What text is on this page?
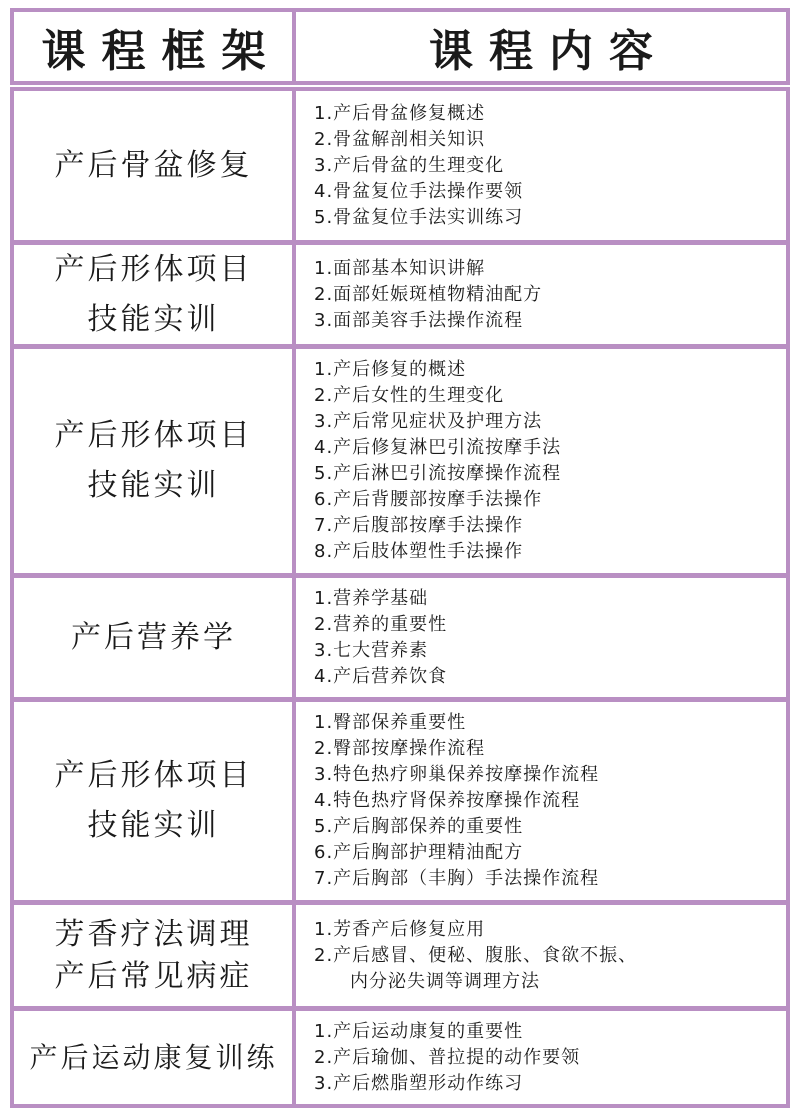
课程框架	课程内容
产后骨盆修复
1.产后骨盆修复概述
2.骨盆解剖相关知识
3.产后骨盆的生理变化
4.骨盆复位手法操作要领
5.骨盆复位手法实训练习
产后形体项目
技能实训
1.面部基本知识讲解
2.面部妊娠斑植物精油配方
3.面部美容手法操作流程
产后形体项目
技能实训
1.产后修复的概述
2.产后女性的生理变化
3.产后常见症状及护理方法
4.产后修复淋巴引流按摩手法
5.产后淋巴引流按摩操作流程
6.产后背腰部按摩手法操作
7.产后腹部按摩手法操作
8.产后肢体塑性手法操作
产后营养学
1.营养学基础
2.营养的重要性
3.七大营养素
4.产后营养饮食
产后形体项目
技能实训
1.臀部保养重要性
2.臀部按摩操作流程
3.特色热疗卵巢保养按摩操作流程
4.特色热疗肾保养按摩操作流程
5.产后胸部保养的重要性
6.产后胸部护理精油配方
7.产后胸部（丰胸）手法操作流程
芳香疗法调理
产后常见病症
1.芳香产后修复应用
2.产后感冒、便秘、腹胀、食欲不振、
内分泌失调等调理方法
产后运动康复训练
1.产后运动康复的重要性
2.产后瑜伽、普拉提的动作要领
3.产后燃脂塑形动作练习
